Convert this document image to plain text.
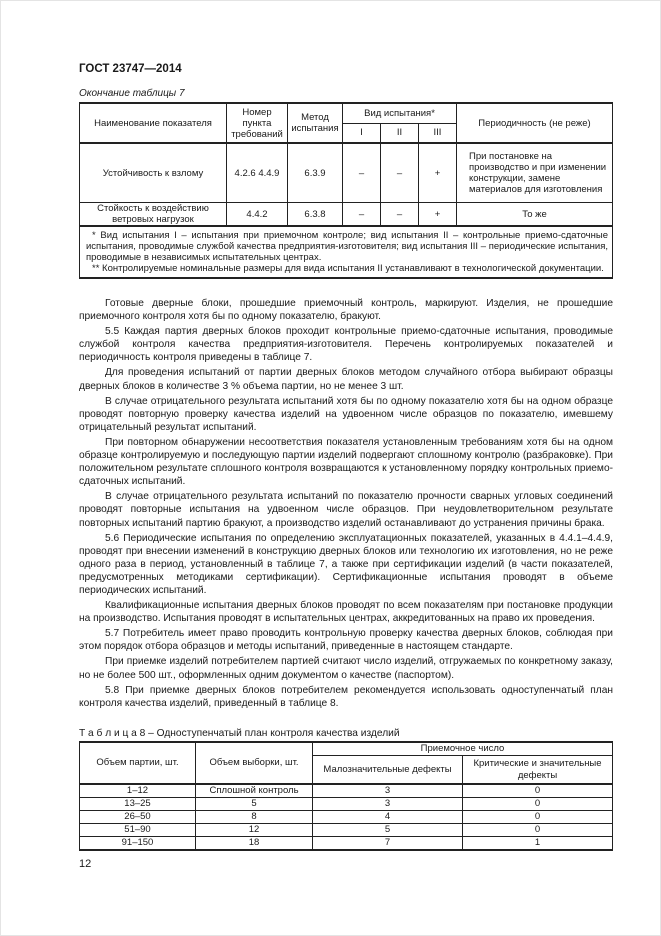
ГОСТ 23747—2014
Окончание таблицы 7
Наименование показателя	Номер пункта требований	Метод испытания	Вид испытания*			Периодичность (не реже)
			I	II	III	
Устойчивость к взлому	4.2.6 4.4.9	6.3.9	–	–	+	При постановке на производство и при изменении конструкции, замене материалов для изготовления
Стойкость к воздействию ветровых нагрузок	4.4.2	6.3.8	–	–	+	То же

* Вид испытания I – испытания при приемочном контроле; вид испытания II – контрольные приемо-сдаточные испытания, проводимые службой качества предприятия-изготовителя; вид испытания III – периодические испытания, проводимые в независимых испытательных центрах.
** Контролируемые номинальные размеры для вида испытания II устанавливают в технологической документации.						

Готовые дверные блоки, прошедшие приемочный контроль, маркируют. Изделия, не прошедшие приемочного контроля хотя бы по одному показателю, бракуют.

5.5 Каждая партия дверных блоков проходит контрольные приемо-сдаточные испытания, проводимые службой контроля качества предприятия-изготовителя. Перечень контролируемых показателей и периодичность контроля приведены в таблице 7.

Для проведения испытаний от партии дверных блоков методом случайного отбора выбирают образцы дверных блоков в количестве 3 % объема партии, но не менее 3 шт.

В случае отрицательного результата испытаний хотя бы по одному показателю хотя бы на одном образце проводят повторную проверку качества изделий на удвоенном числе образцов по показателю, имевшему отрицательный результат испытаний.

При повторном обнаружении несоответствия показателя установленным требованиям хотя бы на одном образце контролируемую и последующую партии изделий подвергают сплошному контролю (разбраковке). При положительном результате сплошного контроля возвращаются к установленному порядку контрольных приемо-сдаточных испытаний.

В случае отрицательного результата испытаний по показателю прочности сварных угловых соединений проводят повторные испытания на удвоенном числе образцов. При неудовлетворительном результате повторных испытаний партию бракуют, а производство изделий останавливают до устранения причины брака.

5.6 Периодические испытания по определению эксплуатационных показателей, указанных в 4.4.1–4.4.9, проводят при внесении изменений в конструкцию дверных блоков или технологию их изготовления, но не реже одного раза в период, установленный в таблице 7, а также при сертификации изделий (в части показателей, предусмотренных методиками сертификации). Сертификационные испытания проводят в объеме периодических испытаний.

Квалификационные испытания дверных блоков проводят по всем показателям при постановке продукции на производство. Испытания проводят в испытательных центрах, аккредитованных на право их проведения.

5.7 Потребитель имеет право проводить контрольную проверку качества дверных блоков, соблюдая при этом порядок отбора образцов и методы испытаний, приведенные в настоящем стандарте.

При приемке изделий потребителем партией считают число изделий, отгружаемых по конкретному заказу, но не более 500 шт., оформленных одним документом о качестве (паспортом).

5.8 При приемке дверных блоков потребителем рекомендуется использовать одноступенчатый план контроля качества изделий, приведенный в таблице 8.

Т а б л и ц а 8 – Одноступенчатый план контроля качества изделий
Объем партии, шт.	Объем выборки, шт.	Приемочное число	
		Малозначительные дефекты	Критические и значительные дефекты
1–12	Сплошной контроль	3	0
13–25	5	3	0
26–50	8	4	0
51–90	12	5	0
91–150	18	7	1
12
